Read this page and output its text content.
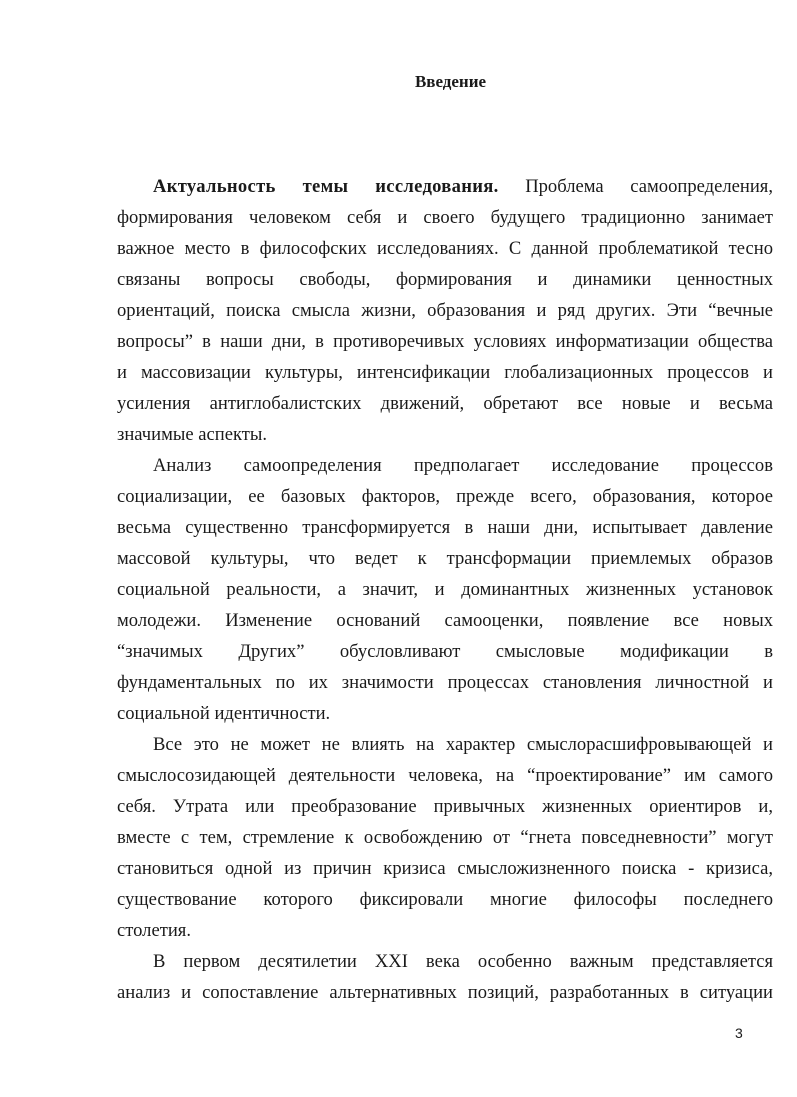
Введение
Актуальность темы исследования. Проблема самоопределения,
формирования человеком себя и своего будущего традиционно занимает
важное место в философских исследованиях. С данной проблематикой тесно
связаны вопросы свободы, формирования и динамики ценностных
ориентаций, поиска смысла жизни, образования и ряд других. Эти “вечные
вопросы” в наши дни, в противоречивых условиях информатизации общества
и массовизации культуры, интенсификации глобализационных процессов и
усиления антиглобалистских движений, обретают все новые и весьма
значимые аспекты.
Анализ самоопределения предполагает исследование процессов
социализации, ее базовых факторов, прежде всего, образования, которое
весьма существенно трансформируется в наши дни, испытывает давление
массовой культуры, что ведет к трансформации приемлемых образов
социальной реальности, а значит, и доминантных жизненных установок
молодежи. Изменение оснований самооценки, появление все новых
“значимых Других” обусловливают смысловые модификации в
фундаментальных по их значимости процессах становления личностной и
социальной идентичности.
Все это не может не влиять на характер смыслорасшифровывающей и
смыслосозидающей деятельности человека, на “проектирование” им самого
себя. Утрата или преобразование привычных жизненных ориентиров и,
вместе с тем, стремление к освобождению от “гнета повседневности” могут
становиться одной из причин кризиса смысложизненного поиска - кризиса,
существование которого фиксировали многие философы последнего
столетия.
В первом десятилетии XXI века особенно важным представляется
анализ и сопоставление альтернативных позиций, разработанных в ситуации
3
